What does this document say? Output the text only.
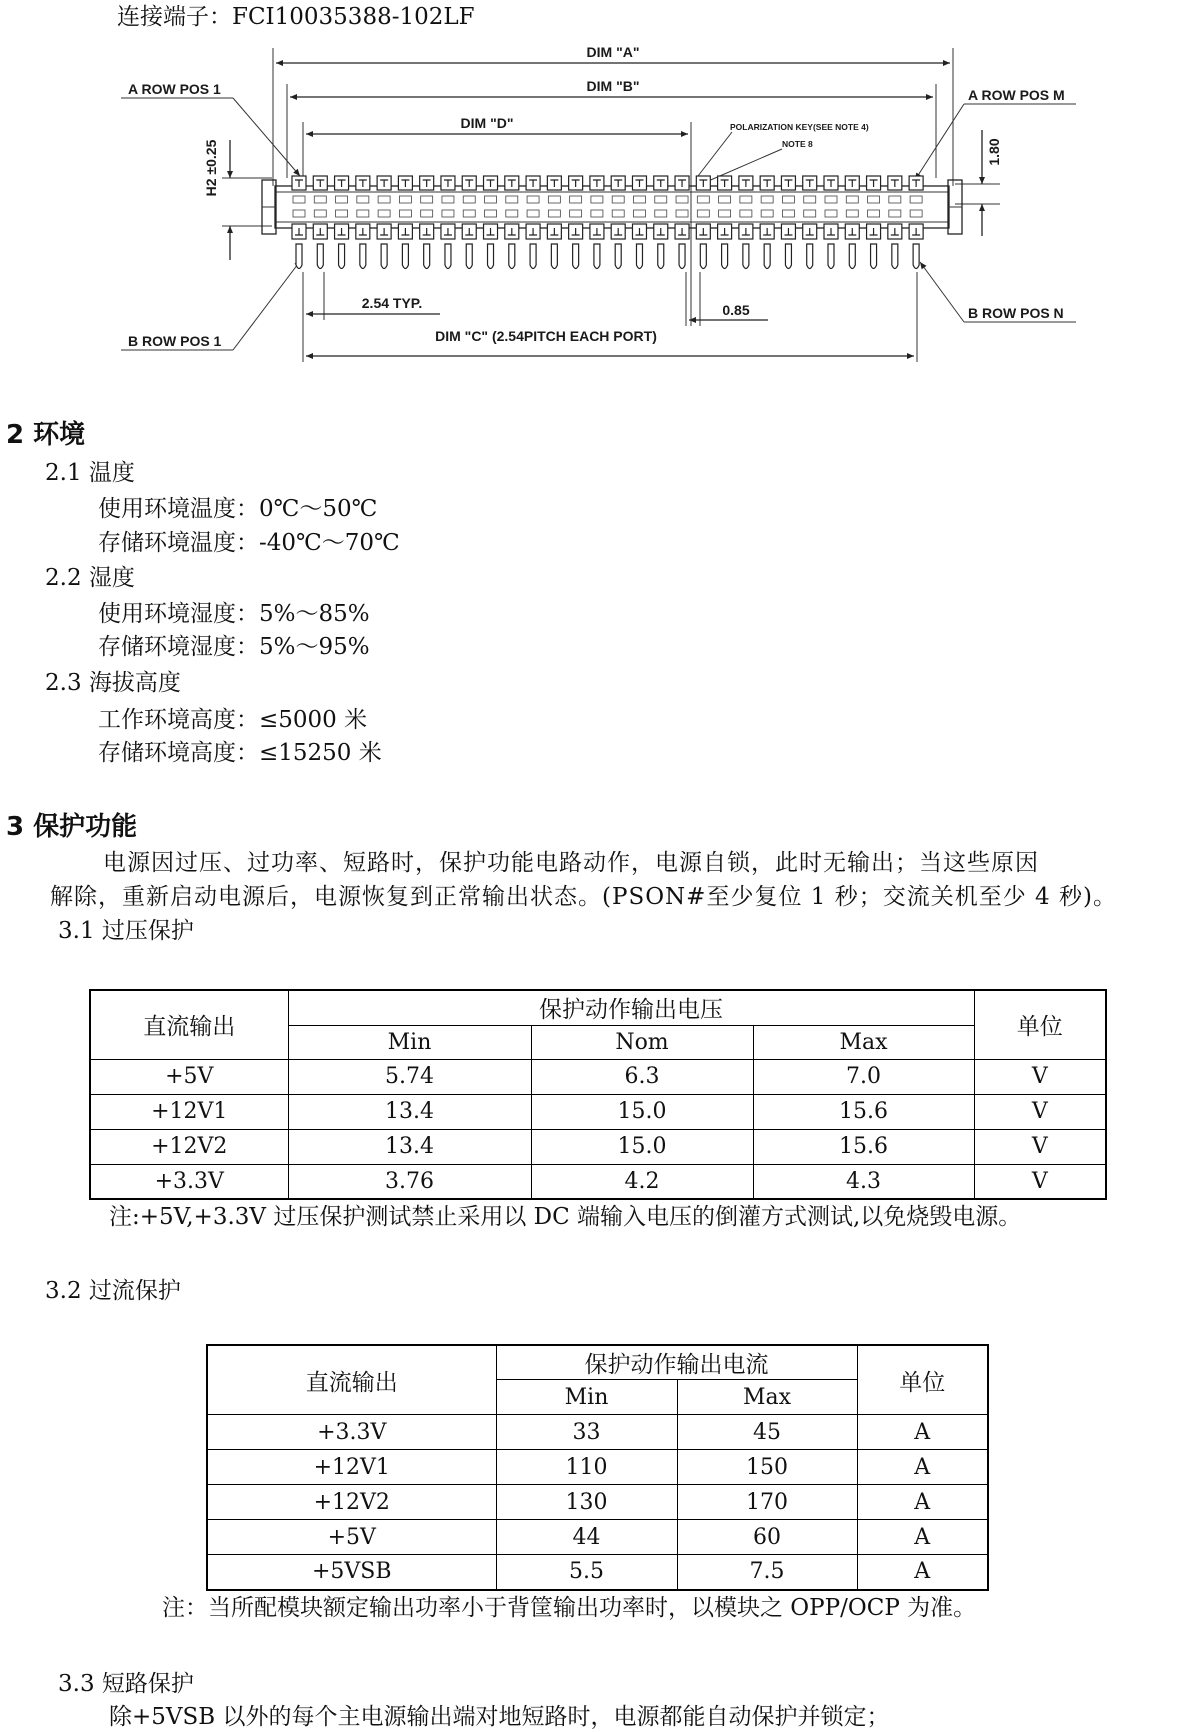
连接端子：FCI10035388-102LF
DIM "A"
DIM "B"
DIM "D"	POLARIZATION KEY(SEE NOTE 4)
NOTE 8
A ROW POS 1	A ROW POS M
B ROW POS N
B ROW POS 1
H2 ±0.25	1.80
2.54 TYP.	0.85
DIM "C" (2.54PITCH EACH PORT)
2 环境
2.1 温度
使用环境温度：0℃～50℃
存储环境温度：-40℃～70℃
2.2 湿度
使用环境湿度：5%～85%
存储环境湿度：5%～95%
2.3 海拔高度
工作环境高度：≤5000 米
存储环境高度：≤15250 米
3 保护功能
电源因过压、过功率、短路时，保护功能电路动作，电源自锁，此时无输出；当这些原因
解除，重新启动电源后，电源恢复到正常输出状态。(PSON#至少复位 1 秒；交流关机至少 4 秒)。
3.1 过压保护
直流输出	保护动作输出电压			单位
	Min	Nom	Max	
+5V	5.74	6.3	7.0	V
+12V1	13.4	15.0	15.6	V
+12V2	13.4	15.0	15.6	V
+3.3V	3.76	4.2	4.3	V
注:+5V,+3.3V 过压保护测试禁止采用以 DC 端输入电压的倒灌方式测试,以免烧毁电源。
3.2 过流保护
直流输出	保护动作输出电流		单位
	Min	Max	
+3.3V	33	45	A
+12V1	110	150	A
+12V2	130	170	A
+5V	44	60	A
+5VSB	5.5	7.5	A
注：当所配模块额定输出功率小于背筐输出功率时，以模块之 OPP/OCP 为准。
3.3 短路保护
除+5VSB 以外的每个主电源输出端对地短路时，电源都能自动保护并锁定；
